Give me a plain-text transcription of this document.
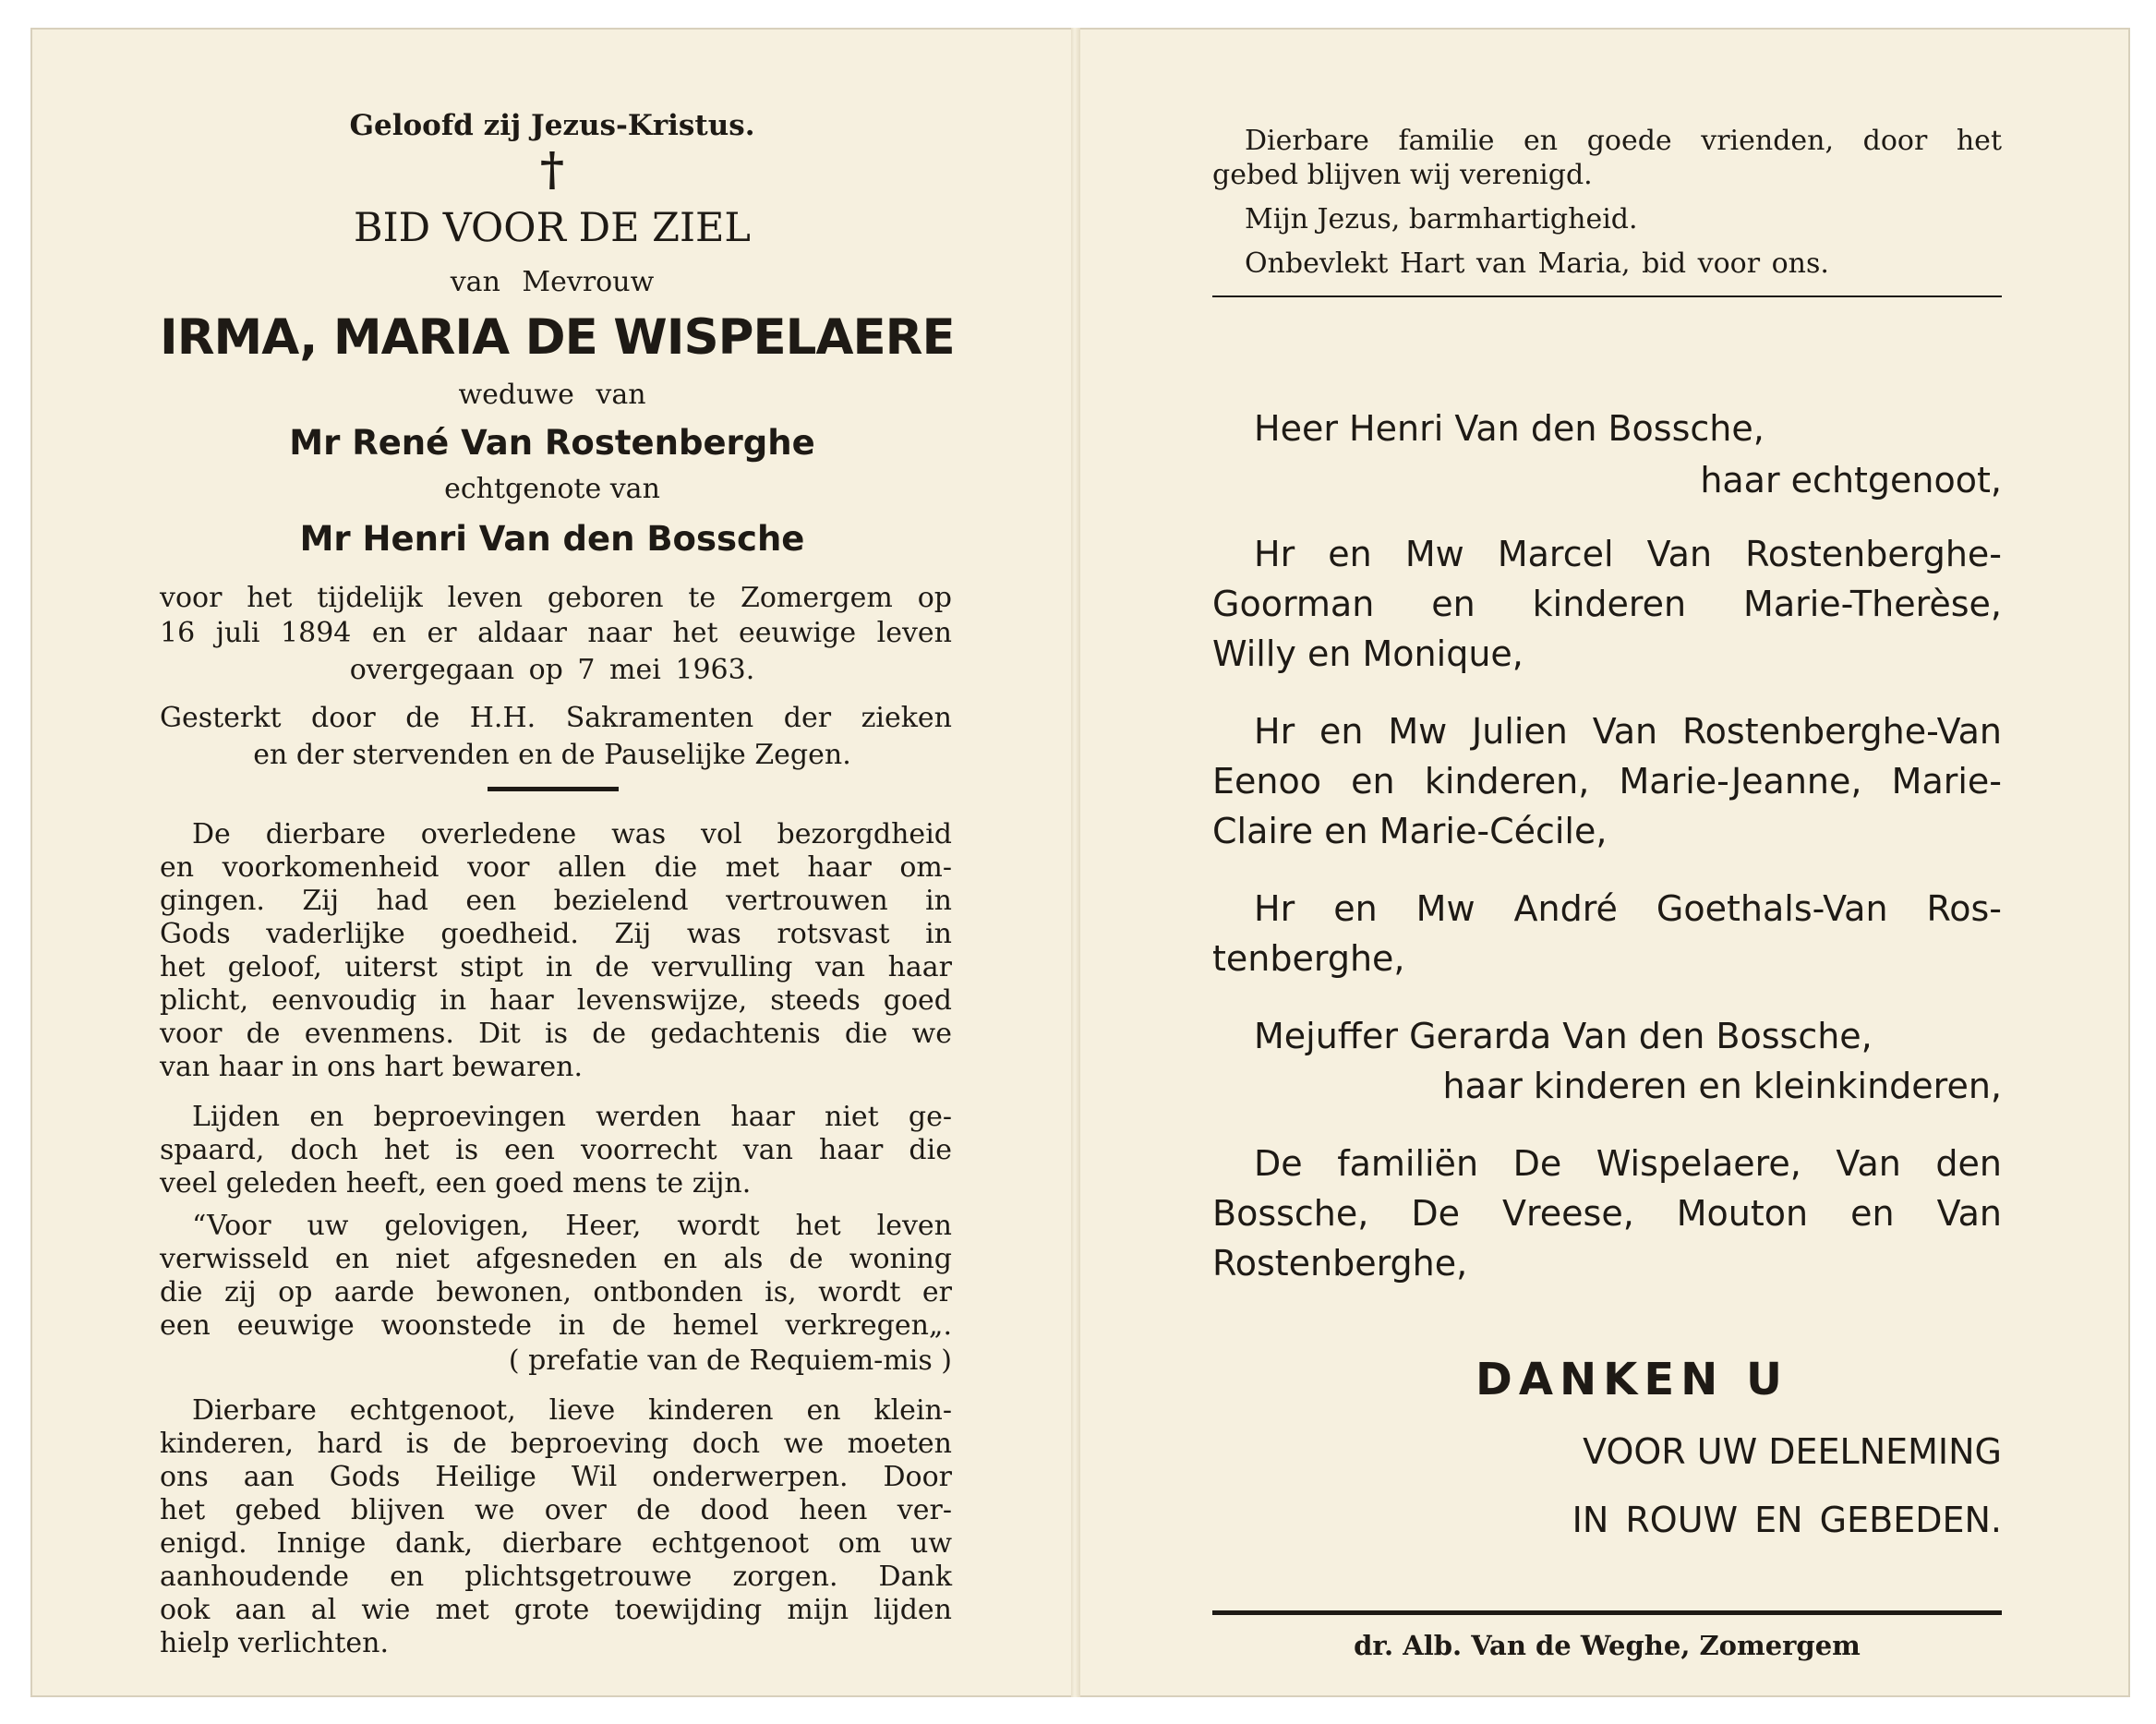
Geloofd zij Jezus-Kristus.
†
BID VOOR DE ZIEL
van Mevrouw
IRMA, MARIA DE WISPELAERE
weduwe van
Mr René Van Rostenberghe
echtgenote van
Mr Henri Van den Bossche
voor het tijdelijk leven geboren te Zomergem op
16 juli 1894 en er aldaar naar het eeuwige leven
overgegaan op 7 mei 1963.
Gesterkt door de H.H. Sakramenten der zieken
en der stervenden en de Pauselijke Zegen.
De dierbare overledene was vol bezorgdheid
en voorkomenheid voor allen die met haar om-
gingen. Zij had een bezielend vertrouwen in
Gods vaderlijke goedheid. Zij was rotsvast in
het geloof, uiterst stipt in de vervulling van haar
plicht, eenvoudig in haar levenswijze, steeds goed
voor de evenmens. Dit is de gedachtenis die we
van haar in ons hart bewaren.
Lijden en beproevingen werden haar niet ge-
spaard, doch het is een voorrecht van haar die
veel geleden heeft, een goed mens te zijn.
“Voor uw gelovigen, Heer, wordt het leven
verwisseld en niet afgesneden en als de woning
die zij op aarde bewonen, ontbonden is, wordt er
een eeuwige woonstede in de hemel verkregen„.
( prefatie van de Requiem-mis )
Dierbare echtgenoot, lieve kinderen en klein-
kinderen, hard is de beproeving doch we moeten
ons aan Gods Heilige Wil onderwerpen. Door
het gebed blijven we over de dood heen ver-
enigd. Innige dank, dierbare echtgenoot om uw
aanhoudende en plichtsgetrouwe zorgen. Dank
ook aan al wie met grote toewijding mijn lijden
hielp verlichten.
Dierbare familie en goede vrienden, door het
gebed blijven wij verenigd.
Mijn Jezus, barmhartigheid.
Onbevlekt Hart van Maria, bid voor ons.
Heer Henri Van den Bossche,
haar echtgenoot,
Hr en Mw Marcel Van Rostenberghe-
Goorman en kinderen Marie-Therèse,
Willy en Monique,
Hr en Mw Julien Van Rostenberghe-Van
Eenoo en kinderen, Marie-Jeanne, Marie-
Claire en Marie-Cécile,
Hr en Mw André Goethals-Van Ros-
tenberghe,
Mejuffer Gerarda Van den Bossche,
haar kinderen en kleinkinderen,
De familiën De Wispelaere, Van den
Bossche, De Vreese, Mouton en Van
Rostenberghe,
DANKEN U
VOOR UW DEELNEMING
IN ROUW EN GEBEDEN.
dr. Alb. Van de Weghe, Zomergem
